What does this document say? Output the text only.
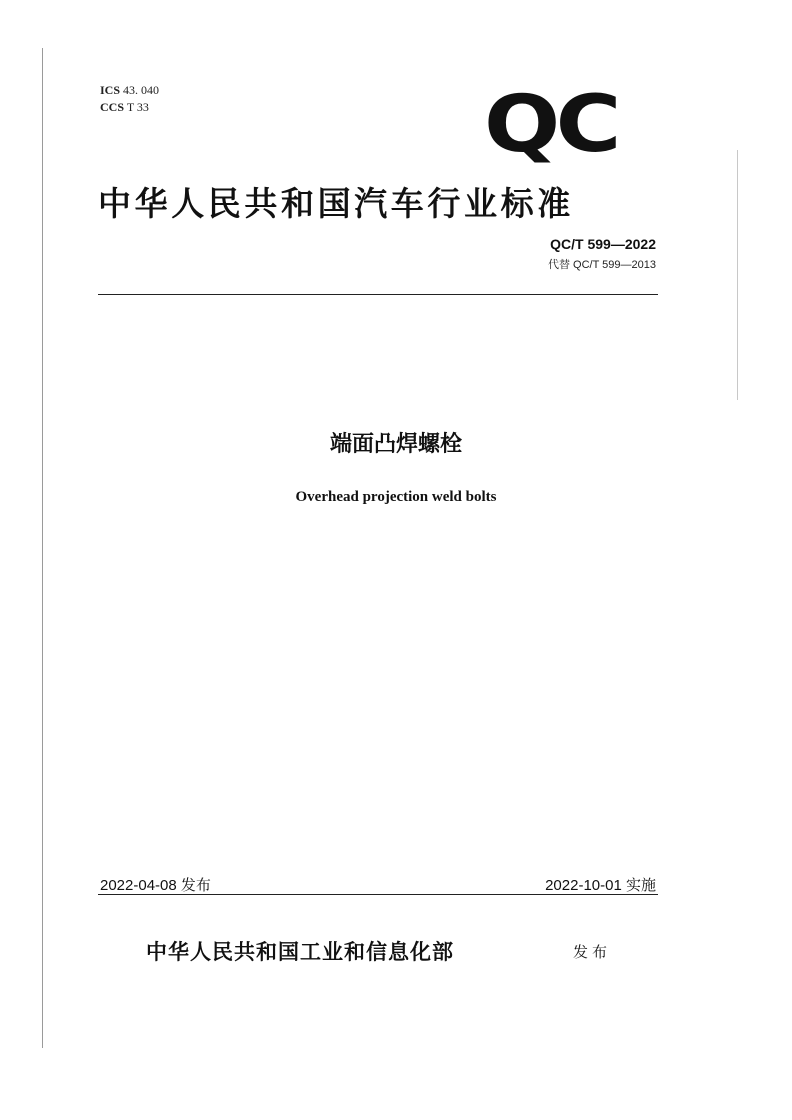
ICS 43. 040
CCS T 33	QC
中华人民共和国汽车行业标准
QC/T 599—2022
代替 QC/T 599—2013
端面凸焊螺栓
Overhead projection weld bolts
2022-04-08 发布	2022-10-01 实施
中华人民共和国工业和信息化部	发布
